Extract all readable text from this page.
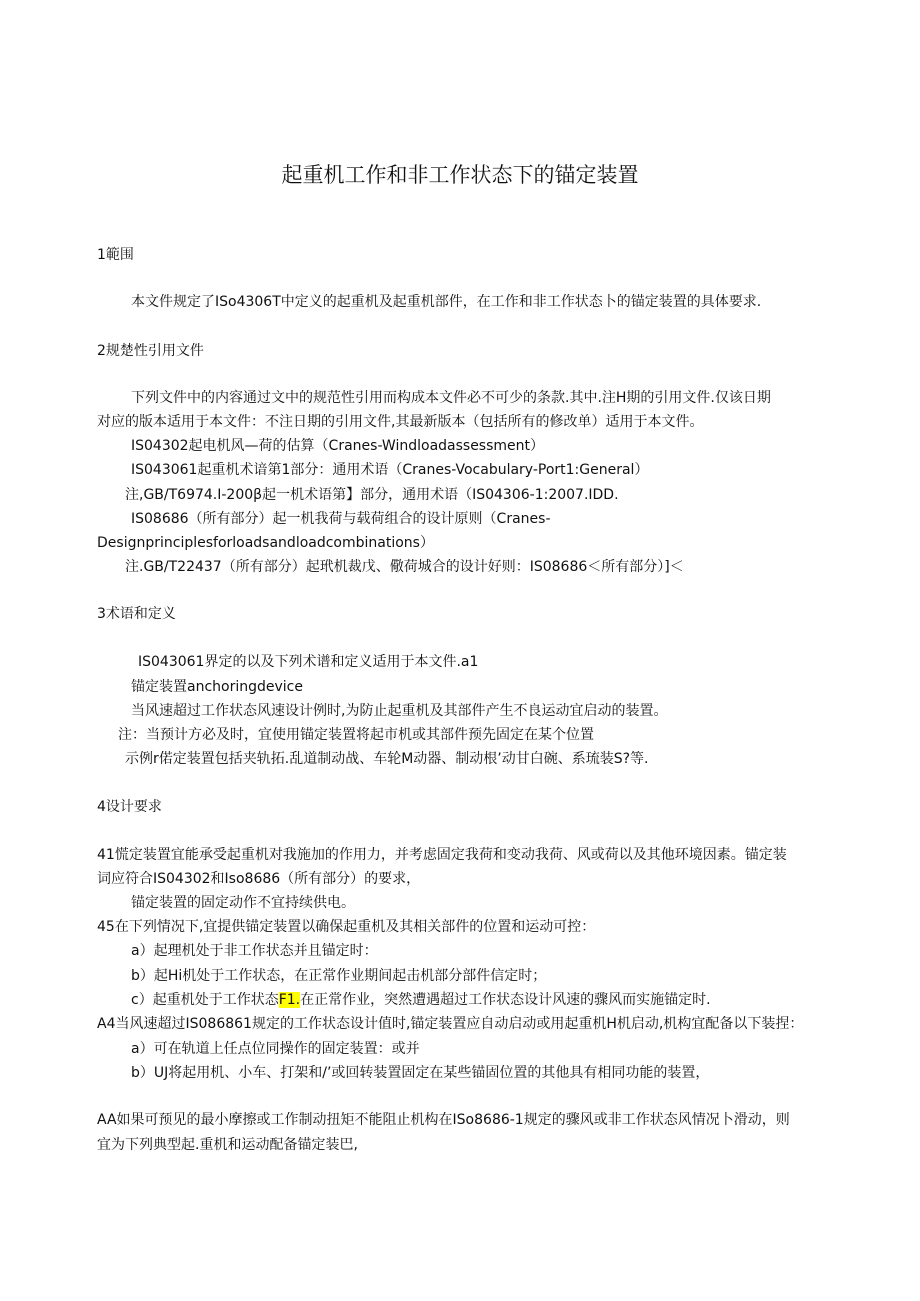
起重机工作和非工作状态下的锚定装置
1範围
本文件规定了ISo4306T中定义的起重机及起重机部件，在工作和非工作状态卜的锚定装置的具体要求.
2规楚性引用文件
下列文件中的内容通过文中的规范性引用而构成本文件必不可少的条款.其中.注H期的引用文件.仅该日期
对应的版本适用于本文件：不注日期的引用文件,其最新版本（包括所有的修改单）适用于本文件。
IS04302起电机风—荷的估算（Cranes-Windloadassessment）
IS043061起重机术谙第1部分：通用术语（Cranes-Vocabulary-Port1:General）
注,GB/T6974.I-200β起一机术语第】部分，通用术语（IS04306-1:2007.IDD.
IS08686（所有部分）起一机我荷与载荷组合的设计原则（Cranes-
Designprinciplesforloadsandloadcombinations）
注.GB/T22437（所有部分）起玳机裁戊、儆荷城合的设计好则：IS08686＜所有部分）]＜
3术语和定义
IS043061界定的以及下列术谱和定义适用于本文件.a1
锚定装置anchoringdevice
当风速超过工作状态风速设计例时,为防止起重机及其部件产生不良运动宜启动的装置。
注：当预计方必及时，宜使用锚定装置将起市机或其部件预先固定在某个位置
示例r偌定装置包括夹轨拓.乱道制动战、车轮M动器、制动根’动甘白碗、系琉装S?等.
4设计要求
41慌定装置宜能承受起重机对我施加的作用力，并考虑固定我荷和变动我荷、风或荷以及其他环境因素。锚定装
词应符合IS04302和Iso8686（所有部分）的要求，
锚定装置的固定动作不宜持续供电。
45在下列情况下,宜提供锚定装置以确保起重机及其相关部件的位置和运动可控：
a）起理机处于非工作状态并且锚定时：
b）起Hi机处于工作状态，在正常作业期间起击机部分部件信定时；
c）起重机处于工作状态F1.在正常作业，突然遭遇超过工作状态设计风速的骤风而实施锚定时.
A4当风速超过IS086861规定的工作状态设计值时,锚定装置应自动启动或用起重机H机启动,机构宜配备以下装捏：
a）可在轨道上任点位同操作的固定装置：或并
b）UJ将起用机、小车、打架和/’或回转装置固定在某些锚固位置的其他具有相同功能的装置，
AA如果可预见的最小摩擦或工作制动扭矩不能阻止机构在ISo8686-1规定的骤风或非工作状态风情况卜滑动，则
宜为下列典型起.重机和运动配备锚定装巴,
